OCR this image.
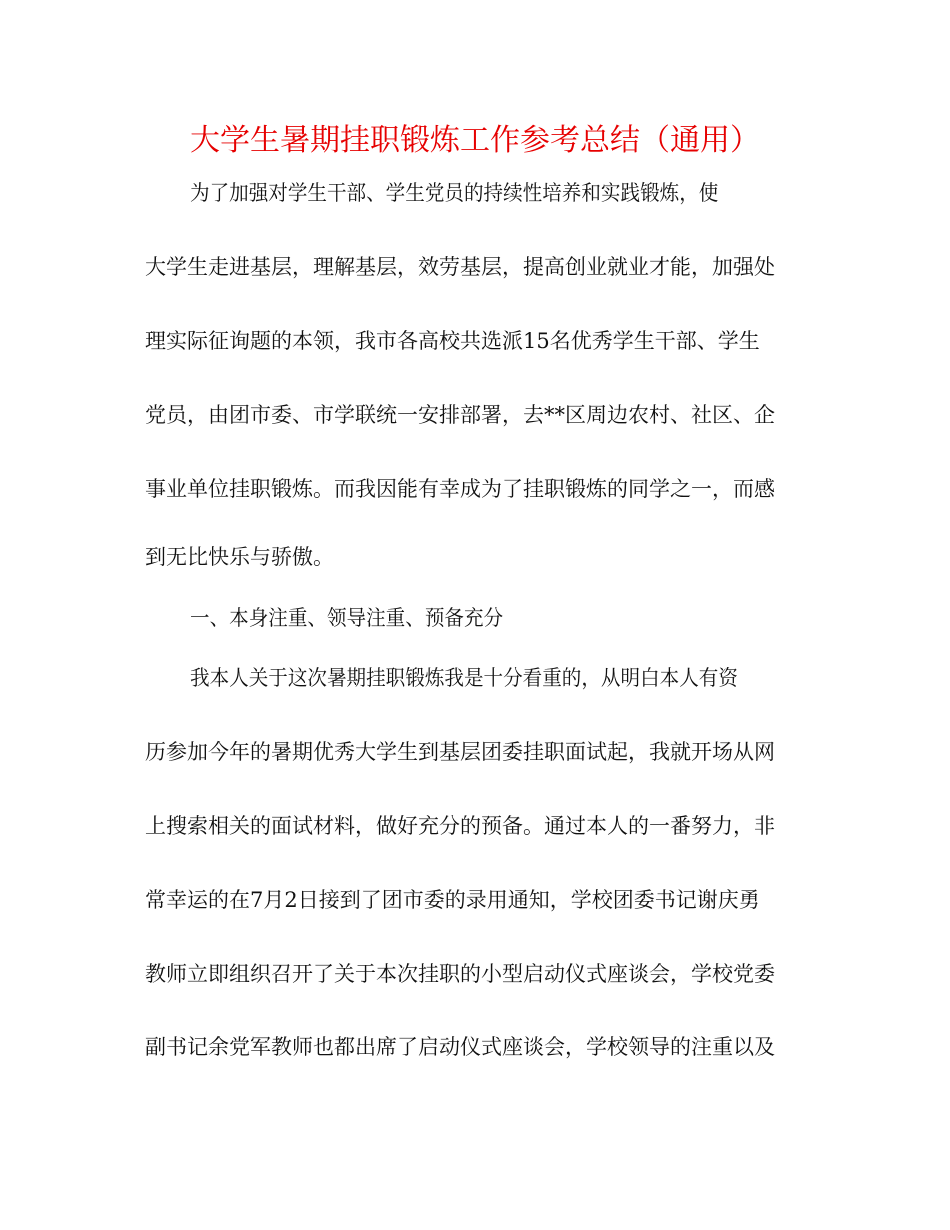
大学生暑期挂职锻炼工作参考总结（通用）

为了加强对学生干部、学生党员的持续性培养和实践锻炼，使

大学生走进基层，理解基层，效劳基层，提高创业就业才能，加强处

理实际征询题的本领，我市各高校共选派15名优秀学生干部、学生

党员，由团市委、市学联统一安排部署，去**区周边农村、社区、企

事业单位挂职锻炼。而我因能有幸成为了挂职锻炼的同学之一，而感

到无比快乐与骄傲。

一、本身注重、领导注重、预备充分

我本人关于这次暑期挂职锻炼我是十分看重的，从明白本人有资

历参加今年的暑期优秀大学生到基层团委挂职面试起，我就开场从网

上搜索相关的面试材料，做好充分的预备。通过本人的一番努力，非

常幸运的在7月2日接到了团市委的录用通知，学校团委书记谢庆勇

教师立即组织召开了关于本次挂职的小型启动仪式座谈会，学校党委

副书记余党军教师也都出席了启动仪式座谈会，学校领导的注重以及
